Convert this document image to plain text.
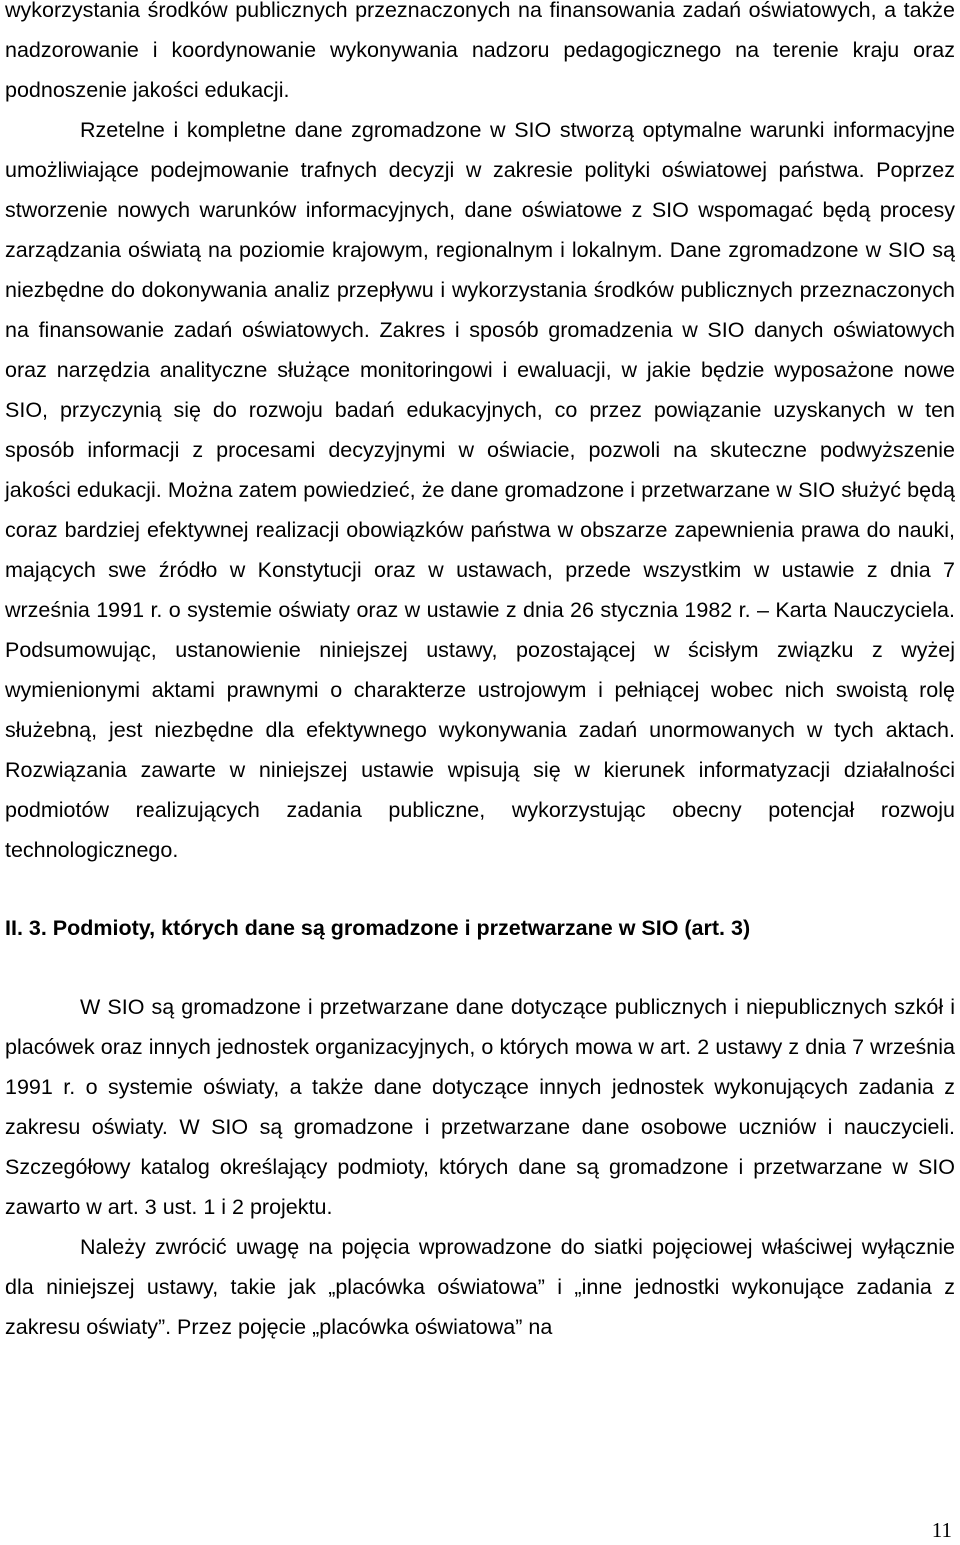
wykorzystania środków publicznych przeznaczonych na finansowania zadań oświatowych, a także nadzorowanie i koordynowanie wykonywania nadzoru pedagogicznego na terenie kraju oraz podnoszenie jakości edukacji.

Rzetelne i kompletne dane zgromadzone w SIO stworzą optymalne warunki informacyjne umożliwiające podejmowanie trafnych decyzji w zakresie polityki oświatowej państwa. Poprzez stworzenie nowych warunków informacyjnych, dane oświatowe z SIO wspomagać będą procesy zarządzania oświatą na poziomie krajowym, regionalnym i lokalnym. Dane zgromadzone w SIO są niezbędne do dokonywania analiz przepływu i wykorzystania środków publicznych przeznaczonych na finansowanie zadań oświatowych. Zakres i sposób gromadzenia w SIO danych oświatowych oraz narzędzia analityczne służące monitoringowi i ewaluacji, w jakie będzie wyposażone nowe SIO, przyczynią się do rozwoju badań edukacyjnych, co przez powiązanie uzyskanych w ten sposób informacji z procesami decyzyjnymi w oświacie, pozwoli na skuteczne podwyższenie jakości edukacji. Można zatem powiedzieć, że dane gromadzone i przetwarzane w SIO służyć będą coraz bardziej efektywnej realizacji obowiązków państwa w obszarze zapewnienia prawa do nauki, mających swe źródło w Konstytucji oraz w ustawach, przede wszystkim w ustawie z dnia 7 września 1991 r. o systemie oświaty oraz w ustawie z dnia 26 stycznia 1982 r. – Karta Nauczyciela. Podsumowując, ustanowienie niniejszej ustawy, pozostającej w ścisłym związku z wyżej wymienionymi aktami prawnymi o charakterze ustrojowym i pełniącej wobec nich swoistą rolę służebną, jest niezbędne dla efektywnego wykonywania zadań unormowanych w tych aktach. Rozwiązania zawarte w niniejszej ustawie wpisują się w kierunek informatyzacji działalności podmiotów realizujących zadania publiczne, wykorzystując obecny potencjał rozwoju technologicznego.

II. 3. Podmioty, których dane są gromadzone i przetwarzane w SIO (art. 3)

W SIO są gromadzone i przetwarzane dane dotyczące publicznych i niepublicznych szkół i placówek oraz innych jednostek organizacyjnych, o których mowa w art. 2 ustawy z dnia 7 września 1991 r. o systemie oświaty, a także dane dotyczące innych jednostek wykonujących zadania z zakresu oświaty. W SIO są gromadzone i przetwarzane dane osobowe uczniów i nauczycieli. Szczegółowy katalog określający podmioty, których dane są gromadzone i przetwarzane w SIO zawarto w art. 3 ust. 1 i 2 projektu.

Należy zwrócić uwagę na pojęcia wprowadzone do siatki pojęciowej właściwej wyłącznie dla niniejszej ustawy, takie jak „placówka oświatowa” i „inne jednostki wykonujące zadania z zakresu oświaty”. Przez pojęcie „placówka oświatowa” na

11
